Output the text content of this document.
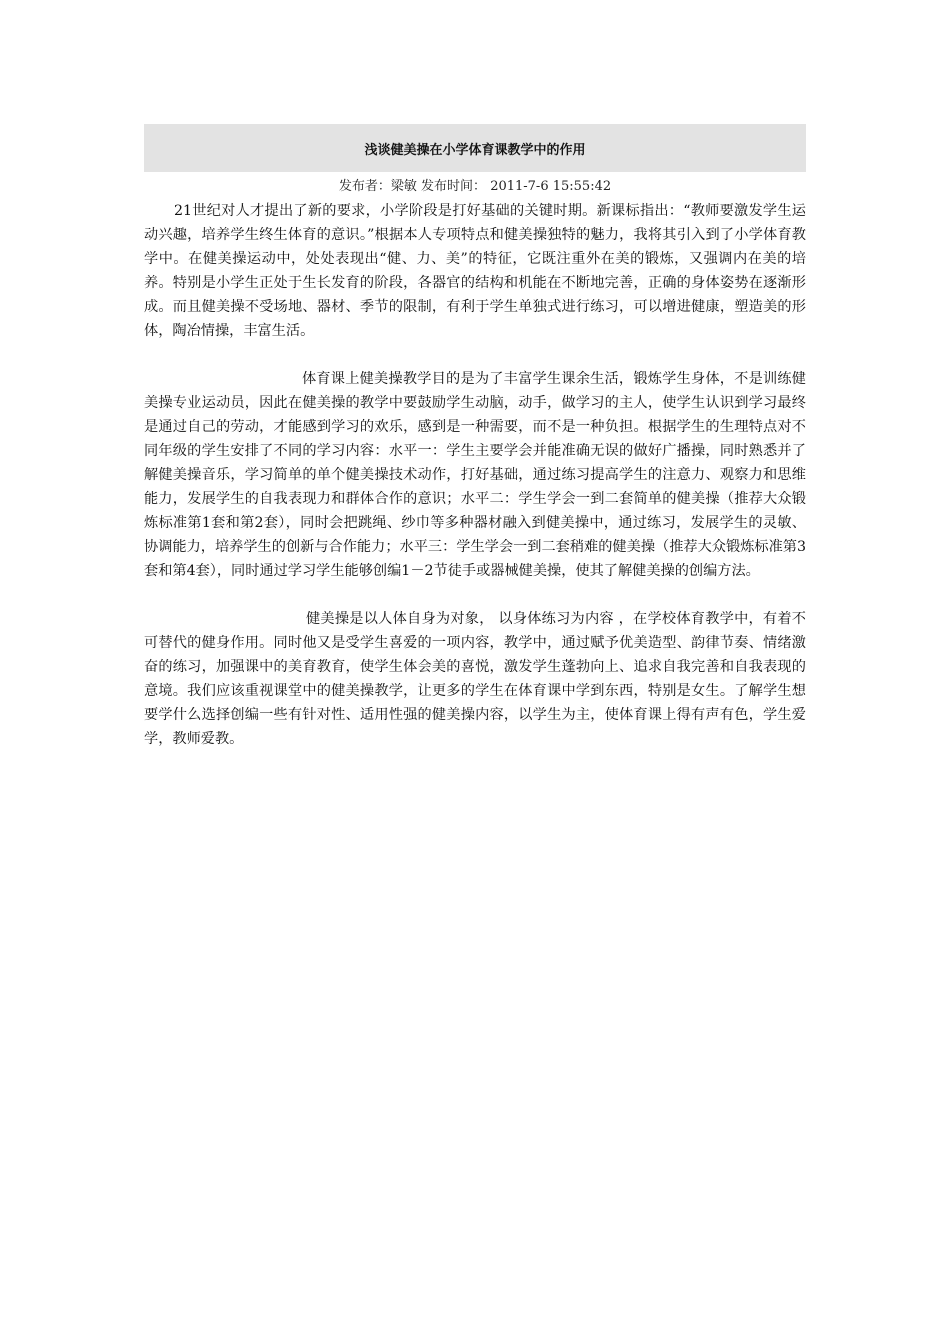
浅谈健美操在小学体育课教学中的作用
发布者：梁敏 发布时间： 2011-7-6 15:55:42

21世纪对人才提出了新的要求，小学阶段是打好基础的关键时期。新课标指出：“教师要激发学生运动兴趣，培养学生终生体育的意识。”根据本人专项特点和健美操独特的魅力，我将其引入到了小学体育教学中。在健美操运动中，处处表现出“健、力、美”的特征，它既注重外在美的锻炼，又强调内在美的培养。特别是小学生正处于生长发育的阶段，各器官的结构和机能在不断地完善，正确的身体姿势在逐渐形成。而且健美操不受场地、器材、季节的限制，有利于学生单独式进行练习，可以增进健康，塑造美的形体，陶冶情操，丰富生活。

体育课上健美操教学目的是为了丰富学生课余生活，锻炼学生身体，不是训练健美操专业运动员，因此在健美操的教学中要鼓励学生动脑，动手，做学习的主人，使学生认识到学习最终是通过自己的劳动，才能感到学习的欢乐，感到是一种需要，而不是一种负担。根据学生的生理特点对不同年级的学生安排了不同的学习内容：水平一：学生主要学会并能准确无误的做好广播操，同时熟悉并了解健美操音乐，学习简单的单个健美操技术动作，打好基础，通过练习提高学生的注意力、观察力和思维能力，发展学生的自我表现力和群体合作的意识；水平二：学生学会一到二套简单的健美操（推荐大众锻炼标准第1套和第2套），同时会把跳绳、纱巾等多种器材融入到健美操中，通过练习，发展学生的灵敏、协调能力，培养学生的创新与合作能力；水平三：学生学会一到二套稍难的健美操（推荐大众锻炼标准第3套和第4套），同时通过学习学生能够创编1－2节徒手或器械健美操，使其了解健美操的创编方法。

健美操是以人体自身为对象， 以身体练习为内容 ，在学校体育教学中，有着不可替代的健身作用。同时他又是受学生喜爱的一项内容，教学中，通过赋予优美造型、韵律节奏、情绪激奋的练习，加强课中的美育教育，使学生体会美的喜悦，激发学生蓬勃向上、追求自我完善和自我表现的意境。我们应该重视课堂中的健美操教学，让更多的学生在体育课中学到东西，特别是女生。了解学生想要学什么选择创编一些有针对性、适用性强的健美操内容，以学生为主，使体育课上得有声有色，学生爱学，教师爱教。
